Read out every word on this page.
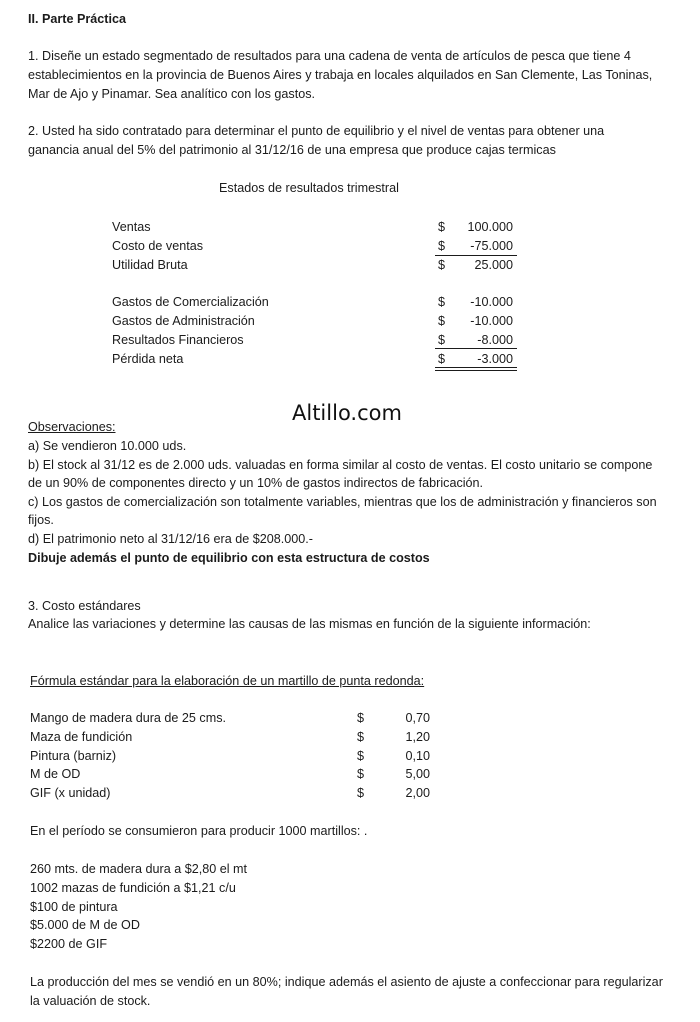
II. Parte Práctica
1. Diseñe un estado segmentado de resultados para una cadena de venta de artículos de pesca que tiene 4
establecimientos en la provincia de Buenos Aires y trabaja en locales alquilados en San Clemente, Las Toninas,
Mar de Ajo y Pinamar. Sea analítico con los gastos.
2. Usted ha sido contratado para determinar el punto de equilibrio y el nivel de ventas para obtener una
ganancia anual del 5% del patrimonio al 31/12/16 de una empresa que produce cajas termicas
Estados de resultados trimestral
Ventas	$ 100.000
Costo de ventas	$ -75.000
Utilidad Bruta	$ 25.000
Gastos de Comercialización	$ -10.000
Gastos de Administración	$ -10.000
Resultados Financieros	$	-8.000
Pérdida neta	$	-3.000
Altillo.com
Observaciones:
a) Se vendieron 10.000 uds.
b) El stock al 31/12 es de 2.000 uds. valuadas en forma similar al costo de ventas. El costo unitario se compone
de un 90% de componentes directo y un 10% de gastos indirectos de fabricación.
c) Los gastos de comercialización son totalmente variables, mientras que los de administración y financieros son
fijos.
d) El patrimonio neto al 31/12/16 era de $208.000.-
Dibuje además el punto de equilibrio con esta estructura de costos
3. Costo estándares
Analice las variaciones y determine las causas de las mismas en función de la siguiente información:
Fórmula estándar para la elaboración de un martillo de punta redonda:
Mango de madera dura de 25 cms.	$	0,70
Maza de fundición	$	1,20
Pintura (barniz)	$	0,10
M de OD	$	5,00
GIF (x unidad)	$	2,00
En el período se consumieron para producir 1000 martillos: .
260 mts. de madera dura a $2,80 el mt
1002 mazas de fundición a $1,21 c/u
$100 de pintura
$5.000 de M de OD
$2200 de GIF
La producción del mes se vendió en un 80%; indique además el asiento de ajuste a confeccionar para regularizar
la valuación de stock.
